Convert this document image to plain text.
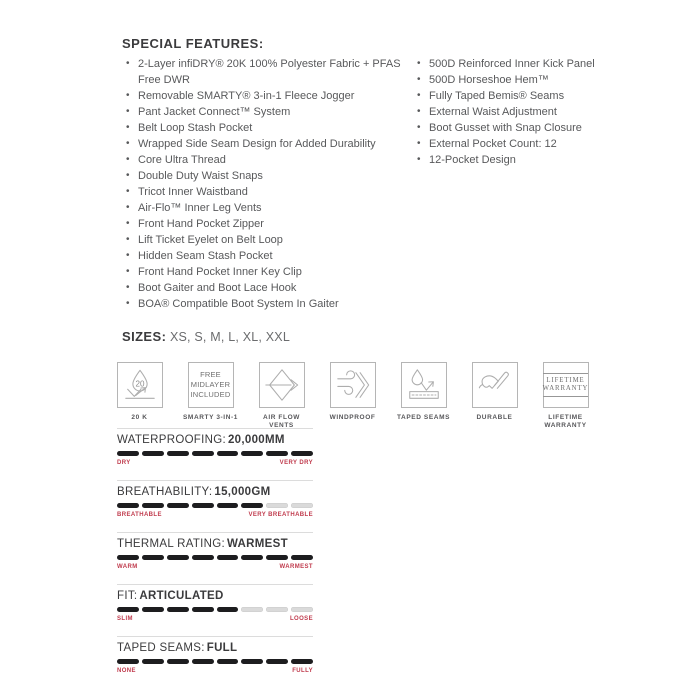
SPECIAL FEATURES:
• 2-Layer infiDRY® 20K 100% Polyester Fabric + PFAS Free DWR
• Removable SMARTY® 3-in-1 Fleece Jogger
• Pant Jacket Connect™ System
• Belt Loop Stash Pocket
• Wrapped Side Seam Design for Added Durability
• Core Ultra Thread
• Double Duty Waist Snaps
• Tricot Inner Waistband
• Air-Flo™ Inner Leg Vents
• Front Hand Pocket Zipper
• Lift Ticket Eyelet on Belt Loop
• Hidden Seam Stash Pocket
• Front Hand Pocket Inner Key Clip
• Boot Gaiter and Boot Lace Hook
• BOA® Compatible Boot System In Gaiter
• 500D Reinforced Inner Kick Panel
• 500D Horseshoe Hem™
• Fully Taped Bemis® Seams
• External Waist Adjustment
• Boot Gusset with Snap Closure
• External Pocket Count: 12
• 12-Pocket Design
SIZES: XS, S, M, L, XL, XXL
20
20 K
FREE
MIDLAYER
INCLUDED
SMARTY 3-IN-1	AIR FLOW VENTS
WINDPROOF	TAPED SEAMS	DURABLE
LIFETIME
WARRANTY
LIFETIME WARRANTY
WATERPROOFING: 20,000MM
DRY	VERY DRY
BREATHABILITY: 15,000GM
BREATHABLE	VERY BREATHABLE
THERMAL RATING: WARMEST
WARM	WARMEST
FIT: ARTICULATED
SLIM	LOOSE
TAPED SEAMS: FULL
NONE	FULLY
